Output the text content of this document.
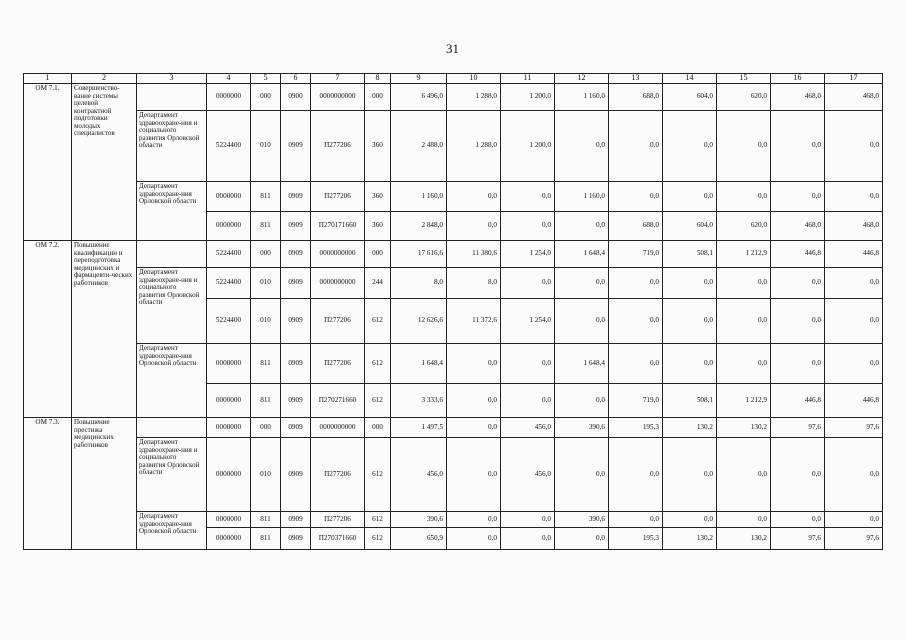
31
1	2	3	4	5	6	7	8	9	10	11	12	13	14	15	16	17
ОМ 7.1.	Совершенство-вание системы целевой контрактной подготовки молодых специалистов		0000000	000	0900	0000000000	000	6 496,0	1 288,0	1 200,0	1 160,0	688,0	604,0	620,0	468,0	468,0
		Департамент здравоохране-ния и социального развития Орловской области	5224400	010	0909	П277206	360	2 488,0	1 288,0	1 200,0	0,0	0,0	0,0	0,0	0,0	0,0
		Департамент здравоохране-ния Орловской области	0000000	811	0909	П277206	360	1 160,0	0,0	0,0	1 160,0	0,0	0,0	0,0	0,0	0,0
			0000000	811	0909	П270171660	360	2 848,0	0,0	0,0	0,0	688,0	604,0	620,0	468,0	468,0
ОМ 7.2.	Повышение квалификации и переподготовка медицинских и фармацевти-ческих работников		5224400	000	0909	0000000000	000	17 616,6	11 380,6	1 254,0	1 648,4	719,0	508,1	1 212,9	446,8	446,8
		Департамент здравоохране-ния и социального развития Орловской области	5224400	010	0909	0000000000	244	8,0	8,0	0,0	0,0	0,0	0,0	0,0	0,0	0,0
			5224400	010	0909	П277206	612	12 626,6	11 372,6	1 254,0	0,0	0,0	0,0	0,0	0,0	0,0
		Департамент здравоохране-ния Орловской области	0000000	811	0909	П277206	612	1 648,4	0,0	0,0	1 648,4	0,0	0,0	0,0	0,0	0,0
			0000000	811	0909	П270271660	612	3 333,6	0,0	0,0	0,0	719,0	508,1	1 212,9	446,8	446,8
ОМ 7.3.	Повышение престижа медицинских работников		0000000	000	0909	0000000000	000	1 497,5	0,0	456,0	390,6	195,3	130,2	130,2	97,6	97,6
		Департамент здравоохране-ния и социального развития Орловской области	0000000	010	0909	П277206	612	456,0	0,0	456,0	0,0	0,0	0,0	0,0	0,0	0,0
		Департамент здравоохране-ния Орловской области	0000000	811	0909	П277206	612	390,6	0,0	0,0	390,6	0,0	0,0	0,0	0,0	0,0
			0000000	811	0909	П270371660	612	650,9	0,0	0,0	0,0	195,3	130,2	130,2	97,6	97,6
